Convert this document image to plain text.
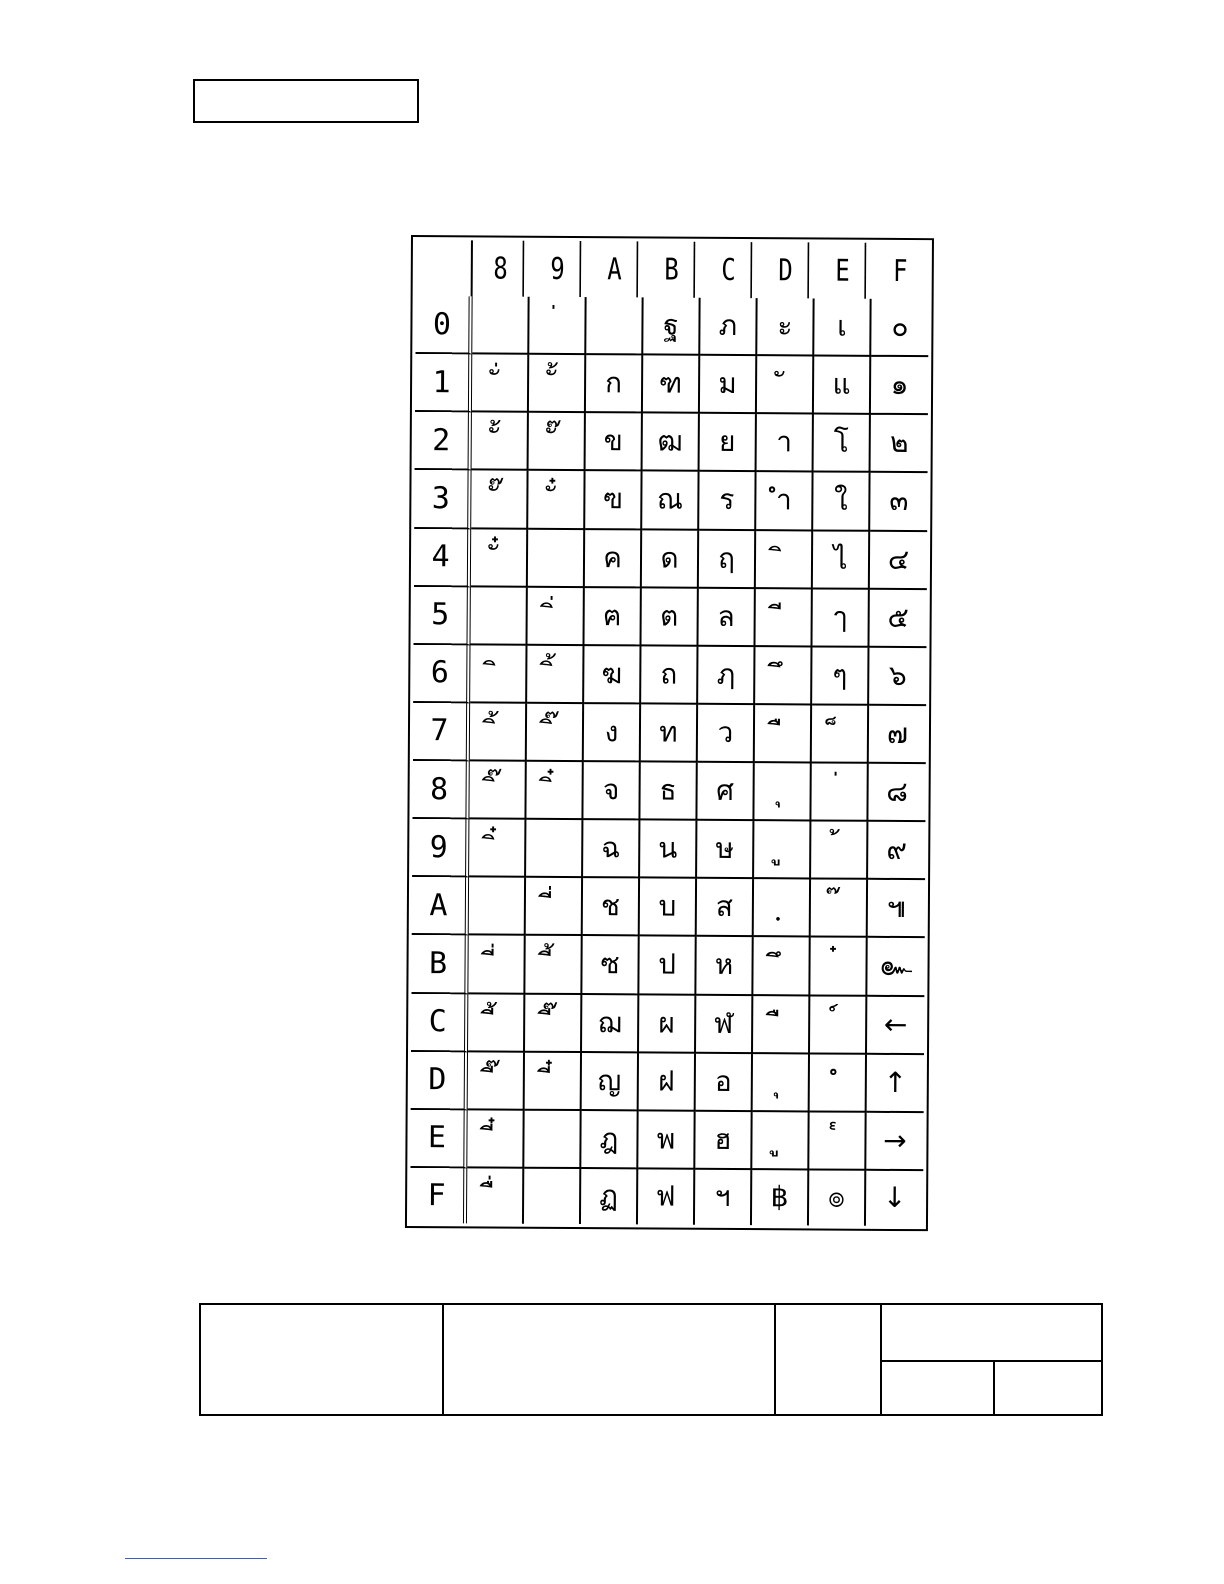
	8	9	A	B	C	D	E	F
0		่		ฐ	ภ	ะ	เ	๐
1	ั่	ั้	ก	ฑ	ม	ั	แ	๑
2	ั้	ั๊	ข	ฒ	ย	า	โ	๒
3	ั๊	ั๋	ฃ	ณ	ร	ำ	ใ	๓
4	ั๋		ค	ด	ฤ	ิ	ไ	๔
5		ิ่	ฅ	ต	ล	ี	ๅ	๕
6	ิ	ิ้	ฆ	ถ	ฦ	ึ	ๆ	๖
7	ิ้	ิ๊	ง	ท	ว	ื	็	๗
8	ิ๊	ิ๋	จ	ธ	ศ	ุ	่	๘
9	ิ๋		ฉ	น	ษ	ู	้	๙
A		ี่	ช	บ	ส	ฺ	๊	๚
B	ี่	ี้	ซ	ป	ห	ึ	๋	๛
C	ี้	ี๊	ฌ	ผ	ฬ	ื	์	←
D	ี๊	ี๋	ญ	ฝ	อ	ุ	ํ	↑
E	ี๋		ฎ	พ	ฮ	ู	๎	→
F	ื่		ฏ	ฟ	ฯ	฿	๏	↓
